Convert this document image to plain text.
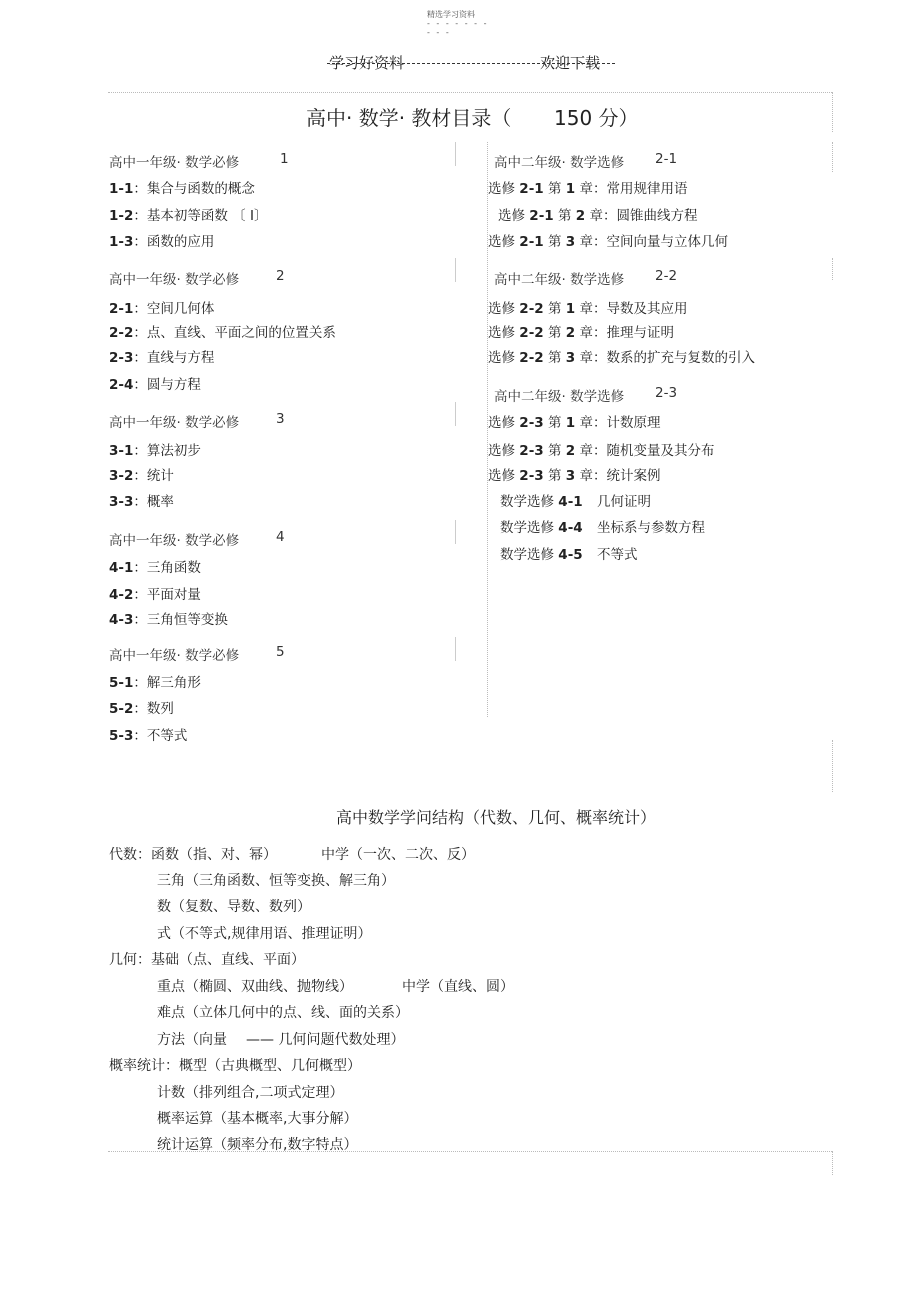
精选学习资料
- - - - - - -
- - -
学习好资料	欢迎下载
高中· 数学· 教材目录（ 150 分）
高中一年级· 数学必修	1
1-1：集合与函数的概念
1-2：基本初等函数 〔 Ⅰ〕
1-3：函数的应用
高中一年级· 数学必修	2
2-1：空间几何体
2-2：点、直线、平面之间的位置关系
2-3：直线与方程
2-4：圆与方程
高中一年级· 数学必修	3
3-1：算法初步
3-2：统计
3-3：概率
高中一年级· 数学必修	4
4-1：三角函数
4-2：平面对量
4-3：三角恒等变换
高中一年级· 数学必修	5
5-1：解三角形
5-2：数列
5-3：不等式
高中二年级· 数学选修 2-1
选修 2-1 第 1 章：常用规律用语
选修 2-1 第 2 章：圆锥曲线方程
选修 2-1 第 3 章：空间向量与立体几何
高中二年级· 数学选修 2-2
选修 2-2 第 1 章：导数及其应用
选修 2-2 第 2 章：推理与证明
选修 2-2 第 3 章：数系的扩充与复数的引入
高中二年级· 数学选修 2-3
选修 2-3 第 1 章：计数原理
选修 2-3 第 2 章：随机变量及其分布
选修 2-3 第 3 章：统计案例
数学选修 4-1 几何证明
数学选修 4-4 坐标系与参数方程
数学选修 4-5 不等式
高中数学学问结构（代数、几何、概率统计）
代数：函数（指、对、幂）	中学（一次、二次、反）
三角（三角函数、恒等变换、解三角）
数（复数、导数、数列）
式（不等式,规律用语、推理证明）
几何：基础（点、直线、平面）
重点（椭圆、双曲线、抛物线）	中学（直线、圆）
难点（立体几何中的点、线、面的关系）
方法（向量 —— 几何问题代数处理）
概率统计：概型（古典概型、几何概型）
计数（排列组合,二项式定理）
概率运算（基本概率,大事分解）
统计运算（频率分布,数字特点）
